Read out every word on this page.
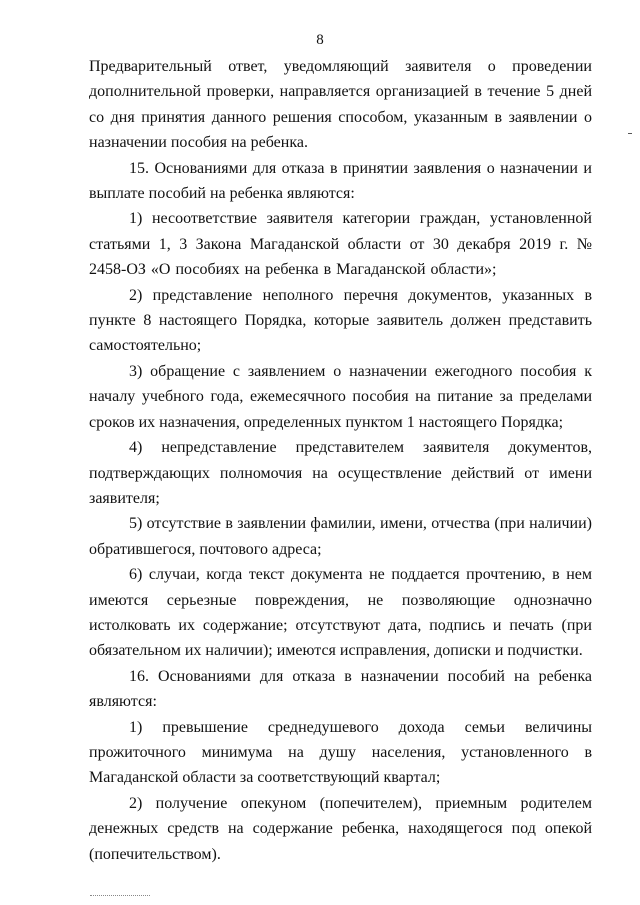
8

Предварительный ответ, уведомляющий заявителя о проведении дополнительной проверки, направляется организацией в течение 5 дней со дня принятия данного решения способом, указанным в заявлении о назначении пособия на ребенка.

15. Основаниями для отказа в принятии заявления о назначении и выплате пособий на ребенка являются:

1) несоответствие заявителя категории граждан, установленной статьями 1, 3 Закона Магаданской области от 30 декабря 2019 г. № 2458-ОЗ «О пособиях на ребенка в Магаданской области»;

2) представление неполного перечня документов, указанных в пункте 8 настоящего Порядка, которые заявитель должен представить самостоятельно;

3) обращение с заявлением о назначении ежегодного пособия к началу учебного года, ежемесячного пособия на питание за пределами сроков их назначения, определенных пунктом 1 настоящего Порядка;

4) непредставление представителем заявителя документов, подтверждающих полномочия на осуществление действий от имени заявителя;

5) отсутствие в заявлении фамилии, имени, отчества (при наличии) обратившегося, почтового адреса;

6) случаи, когда текст документа не поддается прочтению, в нем имеются серьезные повреждения, не позволяющие однозначно истолковать их содержание; отсутствуют дата, подпись и печать (при обязательном их наличии); имеются исправления, дописки и подчистки.

16. Основаниями для отказа в назначении пособий на ребенка являются:

1) превышение среднедушевого дохода семьи величины прожиточного минимума на душу населения, установленного в Магаданской области за соответствующий квартал;

2) получение опекуном (попечителем), приемным родителем денежных средств на содержание ребенка, находящегося под опекой (попечительством).
